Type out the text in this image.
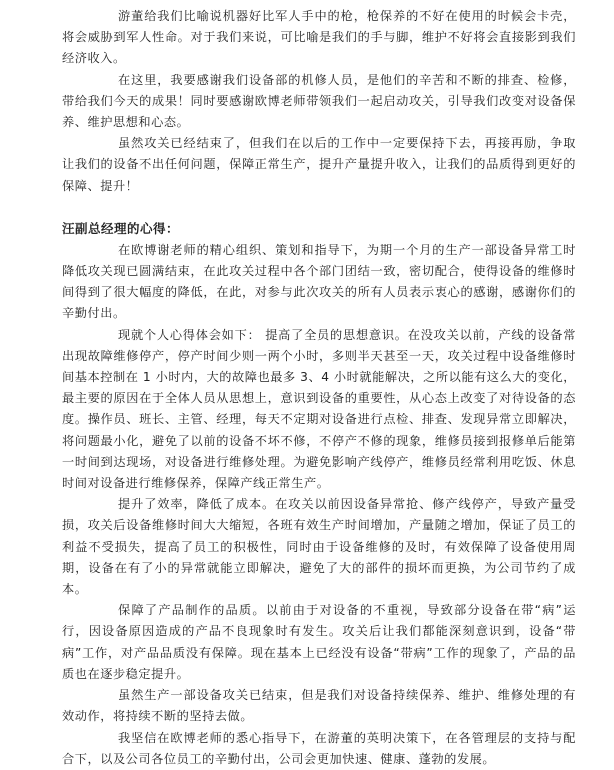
游董给我们比喻说机器好比军人手中的枪，枪保养的不好在使用的时候会卡壳，将会威胁到军人性命。对于我们来说，可比喻是我们的手与脚，维护不好将会直接影到我们经济收入。

在这里，我要感谢我们设备部的机修人员，是他们的辛苦和不断的排查、检修，带给我们今天的成果！同时要感谢欧博老师带领我们一起启动攻关，引导我们改变对设备保养、维护思想和心态。

虽然攻关已经结束了，但我们在以后的工作中一定要保持下去，再接再励，争取让我们的设备不出任何问题，保障正常生产，提升产量提升收入，让我们的品质得到更好的保障、提升！

汪副总经理的心得：

在欧博谢老师的精心组织、策划和指导下，为期一个月的生产一部设备异常工时降低攻关现已圆满结束，在此攻关过程中各个部门团结一致，密切配合，使得设备的维修时间得到了很大幅度的降低，在此，对参与此次攻关的所有人员表示衷心的感谢，感谢你们的辛勤付出。

现就个人心得体会如下： 提高了全员的思想意识。在没攻关以前，产线的设备常出现故障维修停产，停产时间少则一两个小时，多则半天甚至一天，攻关过程中设备维修时间基本控制在 1 小时内，大的故障也最多 3、4 小时就能解决，之所以能有这么大的变化，最主要的原因在于全体人员从思想上，意识到设备的重要性，从心态上改变了对待设备的态度。操作员、班长、主管、经理，每天不定期对设备进行点检、排查、发现异常立即解决，将问题最小化，避免了以前的设备不坏不修，不停产不修的现象，维修员接到报修单后能第一时间到达现场，对设备进行维修处理。为避免影响产线停产，维修员经常利用吃饭、休息时间对设备进行维修保养，保障产线正常生产。

提升了效率，降低了成本。在攻关以前因设备异常抢、修产线停产，导致产量受损，攻关后设备维修时间大大缩短，各班有效生产时间增加，产量随之增加，保证了员工的利益不受损失，提高了员工的积极性，同时由于设备维修的及时，有效保障了设备使用周期，设备在有了小的异常就能立即解决，避免了大的部件的损坏而更换，为公司节约了成本。

保障了产品制作的品质。以前由于对设备的不重视，导致部分设备在带“病”运行，因设备原因造成的产品不良现象时有发生。攻关后让我们都能深刻意识到，设备“带病”工作，对产品品质没有保障。现在基本上已经没有设备“带病”工作的现象了，产品的品质也在逐步稳定提升。

虽然生产一部设备攻关已结束，但是我们对设备持续保养、维护、维修处理的有效动作，将持续不断的坚持去做。

我坚信在欧博老师的悉心指导下，在游董的英明决策下，在各管理层的支持与配合下，以及公司各位员工的辛勤付出，公司会更加快速、健康、蓬勃的发展。
